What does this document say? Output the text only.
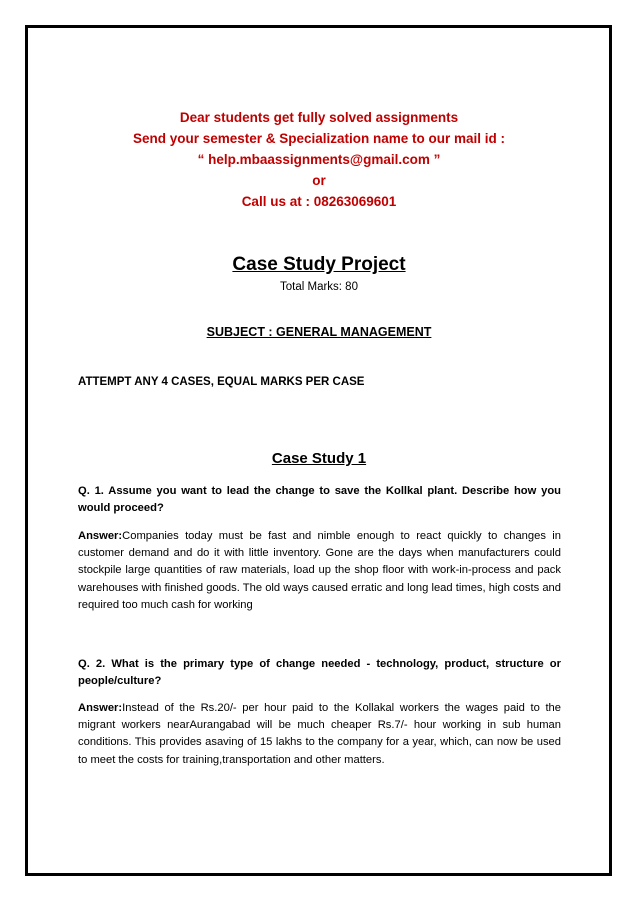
Dear students get fully solved assignments
Send your semester & Specialization name to our mail id :
“ help.mbaassignments@gmail.com ”
or
Call us at : 08263069601
Case Study Project
Total Marks: 80
SUBJECT : GENERAL MANAGEMENT
ATTEMPT ANY 4 CASES, EQUAL MARKS PER CASE
Case Study 1
Q. 1. Assume you want to lead the change to save the Kollkal plant. Describe how you would proceed?
Answer:Companies today must be fast and nimble enough to react quickly to changes in customer demand and do it with little inventory. Gone are the days when manufacturers could stockpile large quantities of raw materials, load up the shop floor with work-in-process and pack warehouses with finished goods. The old ways caused erratic and long lead times, high costs and required too much cash for working
Q. 2. What is the primary type of change needed - technology, product, structure or people/culture?
Answer:Instead of the Rs.20/- per hour paid to the Kollakal workers the wages paid to the migrant workers nearAurangabad will be much cheaper Rs.7/- hour working in sub human conditions. This provides asaving of 15 lakhs to the company for a year, which, can now be used to meet the costs for training,transportation and other matters.
